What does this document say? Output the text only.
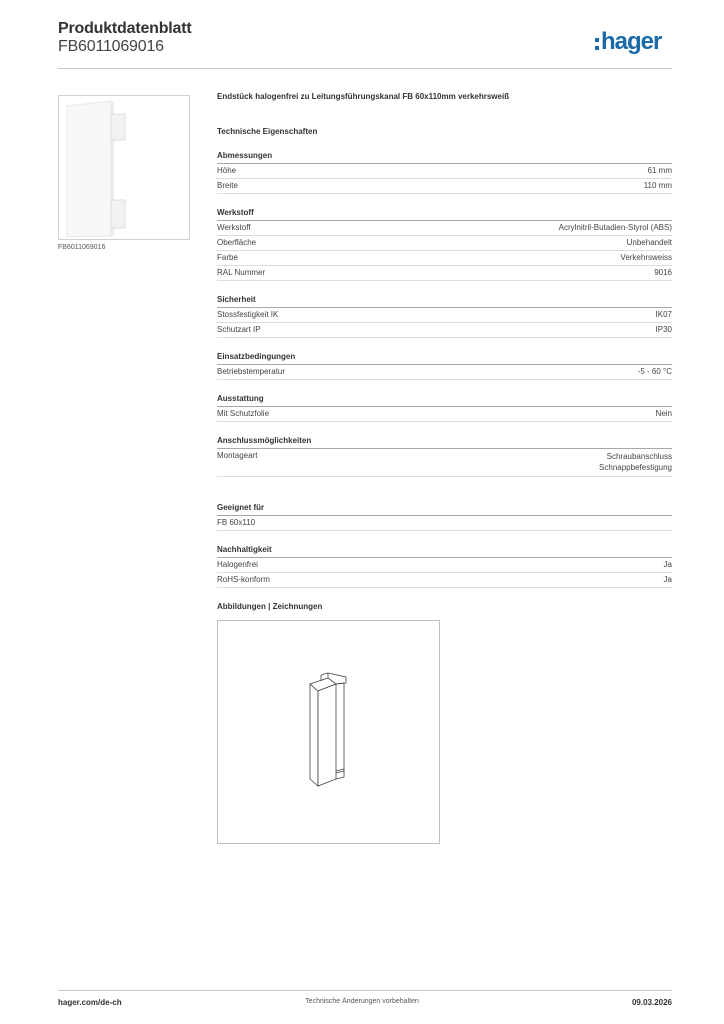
Produktdatenblatt
FB6011069016	hager
FB6011069016
Endstück halogenfrei zu Leitungsführungskanal FB 60x110mm verkehrsweiß
Technische Eigenschaften
Abmessungen
Höhe	61 mm
Breite	110 mm
Werkstoff
Werkstoff	Acrylnitril-Butadien-Styrol (ABS)
Oberfläche	Unbehandelt
Farbe	Verkehrsweiss
RAL Nummer	9016
Sicherheit
Stossfestigkeit IK	IK07
Schutzart IP	IP30
Einsatzbedingungen
Betriebstemperatur	-5 - 60 °C
Ausstattung
Mit Schutzfolie	Nein
Anschlussmöglichkeiten
Montageart	Schraubanschluss
Schnappbefestigung
Geeignet für
FB 60x110
Nachhaltigkeit
Halogenfrei	Ja
RoHS-konform	Ja
Abbildungen | Zeichnungen
hager.com/de-ch	Technische Änderungen vorbehalten	09.03.2026
